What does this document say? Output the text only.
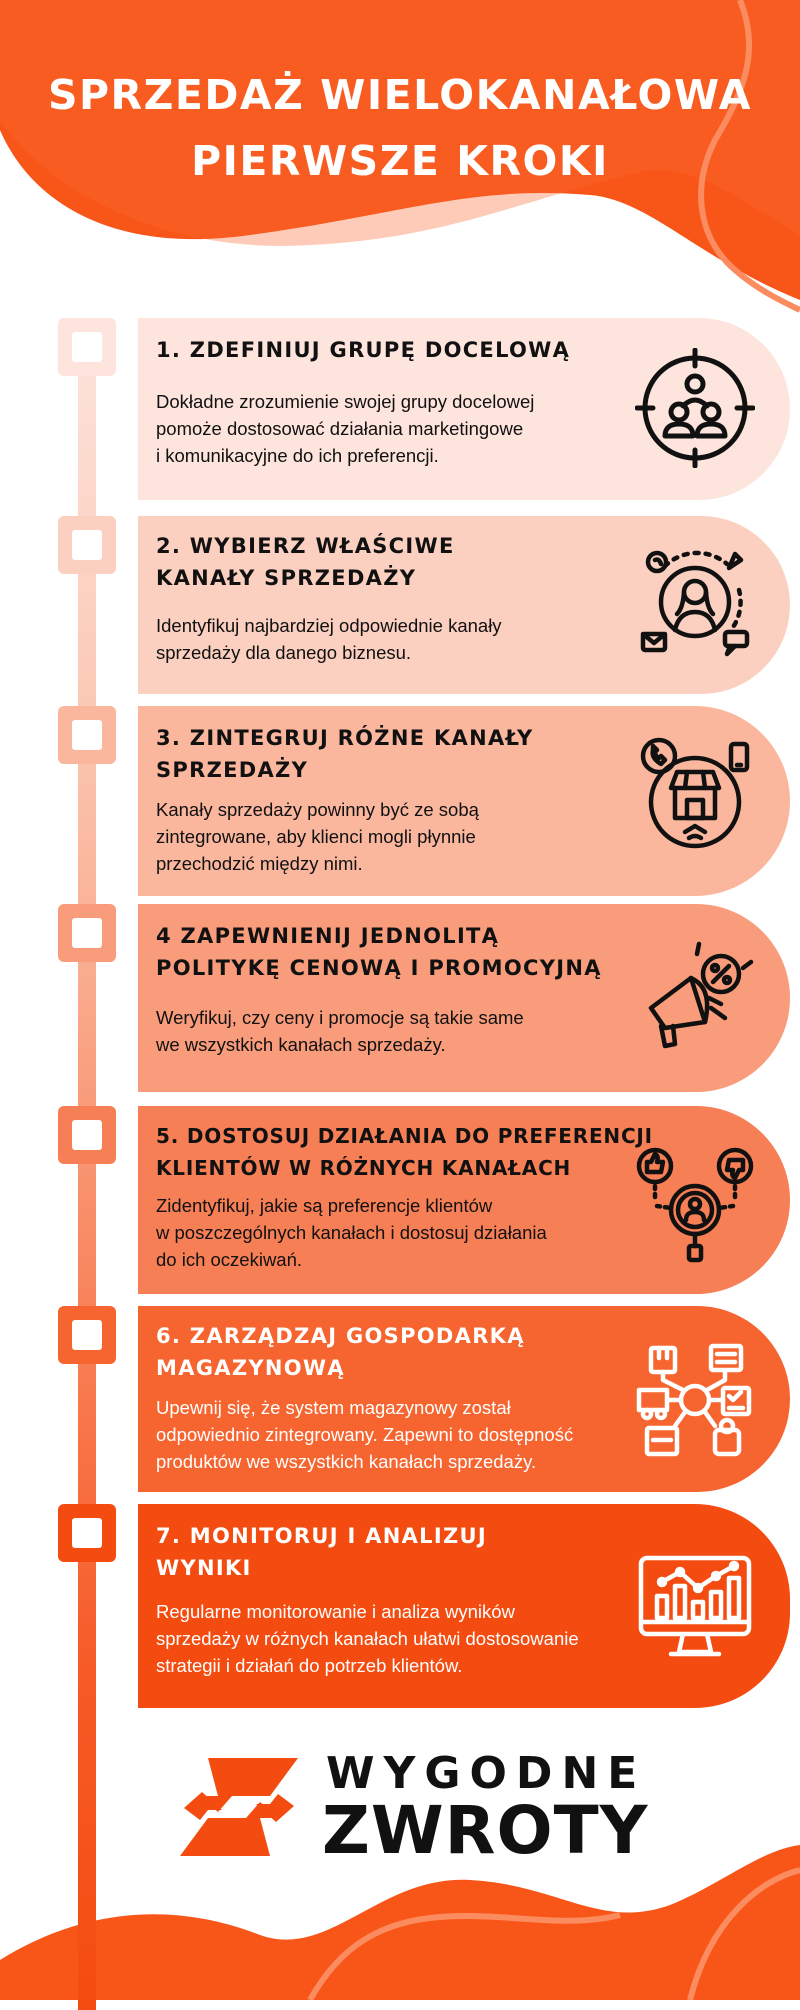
SPRZEDAŻ WIELOKANAŁOWA
PIERWSZE KROKI
1. ZDEFINIUJ GRUPĘ DOCELOWĄ

Dokładne zrozumienie swojej grupy docelowej
pomoże dostosować działania marketingowe
i komunikacyjne do ich preferencji.

2. WYBIERZ WŁAŚCIWE
KANAŁY SPRZEDAŻY

Identyfikuj najbardziej odpowiednie kanały
sprzedaży dla danego biznesu.

3. ZINTEGRUJ RÓŻNE KANAŁY
SPRZEDAŻY

Kanały sprzedaży powinny być ze sobą
zintegrowane, aby klienci mogli płynnie
przechodzić między nimi.

4 ZAPEWNIENIJ JEDNOLITĄ
POLITYKĘ CENOWĄ I PROMOCYJNĄ

Weryfikuj, czy ceny i promocje są takie same
we wszystkich kanałach sprzedaży.

5. DOSTOSUJ DZIAŁANIA DO PREFERENCJI
KLIENTÓW W RÓŻNYCH KANAŁACH

Zidentyfikuj, jakie są preferencje klientów
w poszczególnych kanałach i dostosuj działania
do ich oczekiwań.

6. ZARZĄDZAJ GOSPODARKĄ
MAGAZYNOWĄ

Upewnij się, że system magazynowy został
odpowiednio zintegrowany. Zapewni to dostępność
produktów we wszystkich kanałach sprzedaży.

7. MONITORUJ I ANALIZUJ
WYNIKI

Regularne monitorowanie i analiza wyników
sprzedaży w różnych kanałach ułatwi dostosowanie
strategii i działań do potrzeb klientów.

WYGODNE
ZWROTY
